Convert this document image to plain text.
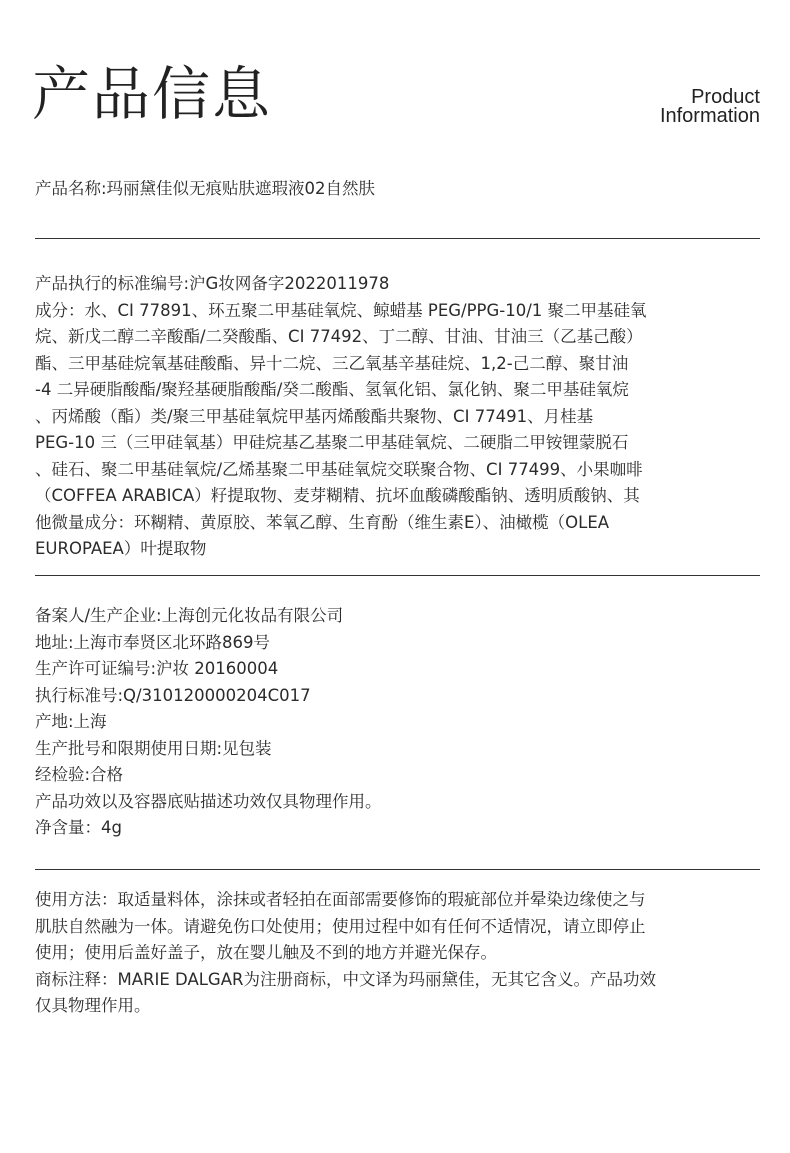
产品信息	Product
Information
产品名称:玛丽黛佳似无痕贴肤遮瑕液02自然肤
产品执行的标准编号:沪G妆网备字2022011978
成分：水、CI 77891、环五聚二甲基硅氧烷、鲸蜡基 PEG/PPG-10/1 聚二甲基硅氧
烷、新戊二醇二辛酸酯/二癸酸酯、CI 77492、丁二醇、甘油、甘油三（乙基己酸）
酯、三甲基硅烷氧基硅酸酯、异十二烷、三乙氧基辛基硅烷、1,2-己二醇、聚甘油
-4 二异硬脂酸酯/聚羟基硬脂酸酯/癸二酸酯、氢氧化铝、氯化钠、聚二甲基硅氧烷
、丙烯酸（酯）类/聚三甲基硅氧烷甲基丙烯酸酯共聚物、CI 77491、月桂基
PEG-10 三（三甲硅氧基）甲硅烷基乙基聚二甲基硅氧烷、二硬脂二甲铵锂蒙脱石
、硅石、聚二甲基硅氧烷/乙烯基聚二甲基硅氧烷交联聚合物、CI 77499、小果咖啡
（COFFEA ARABICA）籽提取物、麦芽糊精、抗坏血酸磷酸酯钠、透明质酸钠、其
他微量成分：环糊精、黄原胶、苯氧乙醇、生育酚（维生素E）、油橄榄（OLEA
EUROPAEA）叶提取物
备案人/生产企业:上海创元化妆品有限公司
地址:上海市奉贤区北环路869号
生产许可证编号:沪妆 20160004
执行标准号:Q/310120000204C017
产地:上海
生产批号和限期使用日期:见包装
经检验:合格
产品功效以及容器底贴描述功效仅具物理作用。
净含量：4g
使用方法：取适量料体，涂抹或者轻拍在面部需要修饰的瑕疵部位并晕染边缘使之与
肌肤自然融为一体。请避免伤口处使用；使用过程中如有任何不适情况，请立即停止
使用；使用后盖好盖子，放在婴儿触及不到的地方并避光保存。
商标注释：MARIE DALGAR为注册商标，中文译为玛丽黛佳，无其它含义。产品功效
仅具物理作用。
